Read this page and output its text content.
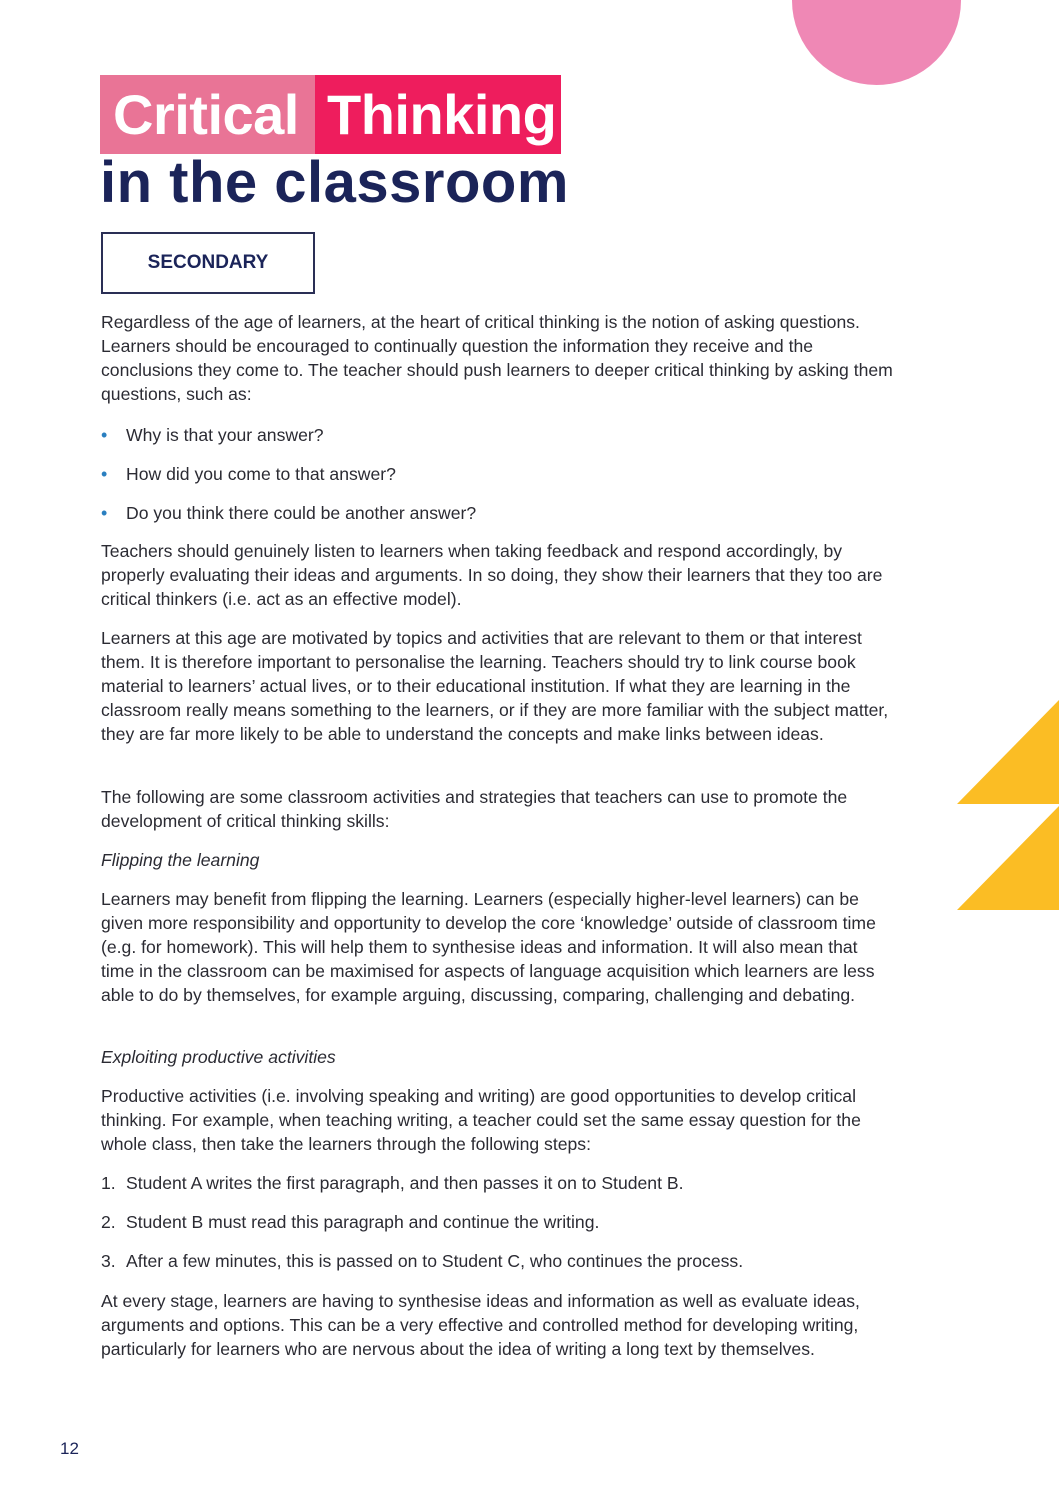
Critical Thinking
in the classroom
SECONDARY

Regardless of the age of learners, at the heart of critical thinking is the notion of asking questions. Learners should be encouraged to continually question the information they receive and the conclusions they come to. The teacher should push learners to deeper critical thinking by asking them questions, such as:

•	Why is that your answer?
•	How did you come to that answer?
•	Do you think there could be another answer?

Teachers should genuinely listen to learners when taking feedback and respond accordingly, by properly evaluating their ideas and arguments. In so doing, they show their learners that they too are critical thinkers (i.e. act as an effective model).

Learners at this age are motivated by topics and activities that are relevant to them or that interest them. It is therefore important to personalise the learning. Teachers should try to link course book material to learners’ actual lives, or to their educational institution. If what they are learning in the classroom really means something to the learners, or if they are more familiar with the subject matter, they are far more likely to be able to understand the concepts and make links between ideas.

The following are some classroom activities and strategies that teachers can use to promote the development of critical thinking skills:

Flipping the learning

Learners may benefit from flipping the learning. Learners (especially higher-level learners) can be given more responsibility and opportunity to develop the core ‘knowledge’ outside of classroom time (e.g. for homework). This will help them to synthesise ideas and information. It will also mean that time in the classroom can be maximised for aspects of language acquisition which learners are less able to do by themselves, for example arguing, discussing, comparing, challenging and debating.

Exploiting productive activities

Productive activities (i.e. involving speaking and writing) are good opportunities to develop critical thinking. For example, when teaching writing, a teacher could set the same essay question for the whole class, then take the learners through the following steps:

1. Student A writes the first paragraph, and then passes it on to Student B.
2. Student B must read this paragraph and continue the writing.
3. After a few minutes, this is passed on to Student C, who continues the process.

At every stage, learners are having to synthesise ideas and information as well as evaluate ideas, arguments and options. This can be a very effective and controlled method for developing writing, particularly for learners who are nervous about the idea of writing a long text by themselves.

12
